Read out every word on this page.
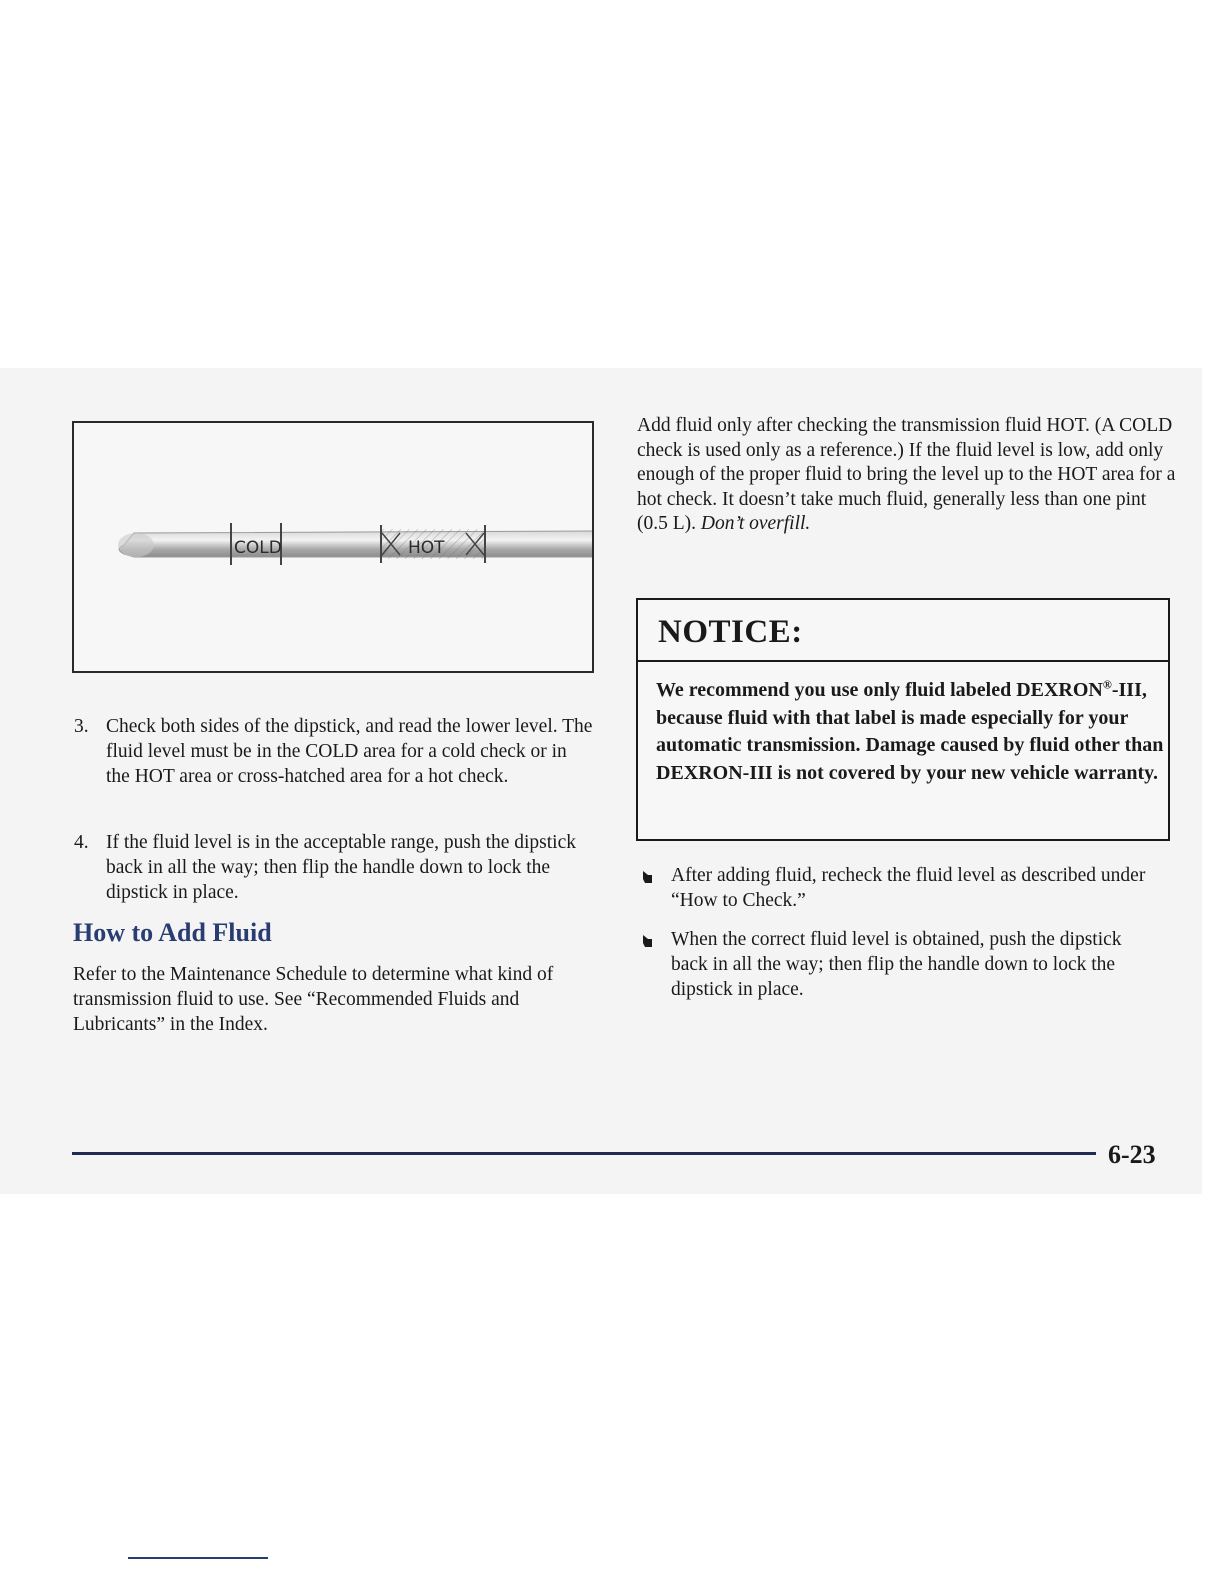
COLD	HOT

3. Check both sides of the dipstick, and read the lower level. The fluid level must be in the COLD area for a cold check or in the HOT area or cross-hatched area for a hot check.

4. If the fluid level is in the acceptable range, push the dipstick back in all the way; then flip the handle down to lock the dipstick in place.

How to Add Fluid

Refer to the Maintenance Schedule to determine what kind of transmission fluid to use. See “Recommended Fluids and Lubricants” in the Index.

Add fluid only after checking the transmission fluid HOT. (A COLD check is used only as a reference.) If the fluid level is low, add only enough of the proper fluid to bring the level up to the HOT area for a hot check. It doesn’t take much fluid, generally less than one pint (0.5 L). Don’t overfill.

NOTICE:
We recommend you use only fluid labeled DEXRON®-III, because fluid with that label is made especially for your automatic transmission. Damage caused by fluid other than DEXRON-III is not covered by your new vehicle warranty.

After adding fluid, recheck the fluid level as described under “How to Check.”

When the correct fluid level is obtained, push the dipstick back in all the way; then flip the handle down to lock the dipstick in place.

6-23
